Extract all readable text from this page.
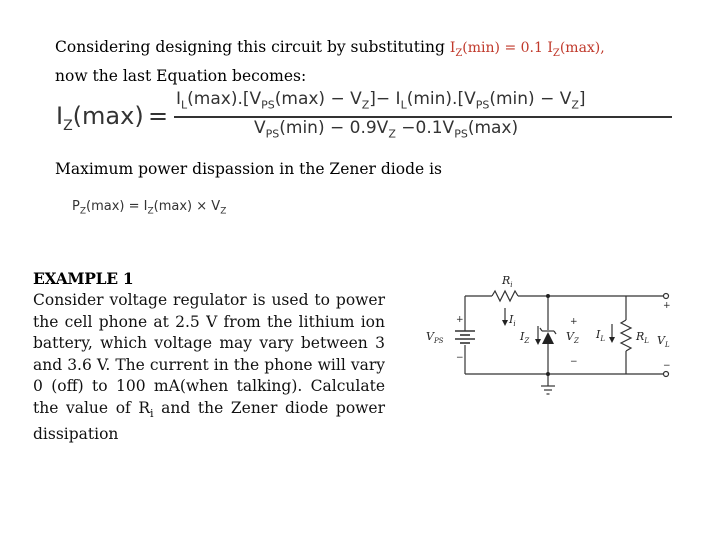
Considering designing this circuit by substituting $I_Z(\min) = 0.1$ $I_Z(\max)$,
now the last Equation becomes:
$I_Z(\max)$ =
$I_L(\max).[V_{PS}(\max) - V_Z]- I_L(\min).[V_{PS}(\min) - V_Z]$
$V_{PS}(\min) - 0.9V_Z -0.1V_{PS}(\max)$
Maximum power dispassion in the Zener diode is
$P_Z(\max) = I_Z(\max) \times V_Z$
EXAMPLE 1
Consider voltage regulator is used to power the cell phone at 2.5 V from the lithium ion battery, which voltage may vary between 3 and 3.6 V. The current in the phone will vary 0 (off) to 100 mA(when talking). Calculate the value of $R_i$ and the Zener diode power dissipation
$R_i$
$I_i$
$V_{PS}$	$I_Z$	$V_Z$ $I_L$	$R_L$ $V_L$
+
−
+
−
+
−
